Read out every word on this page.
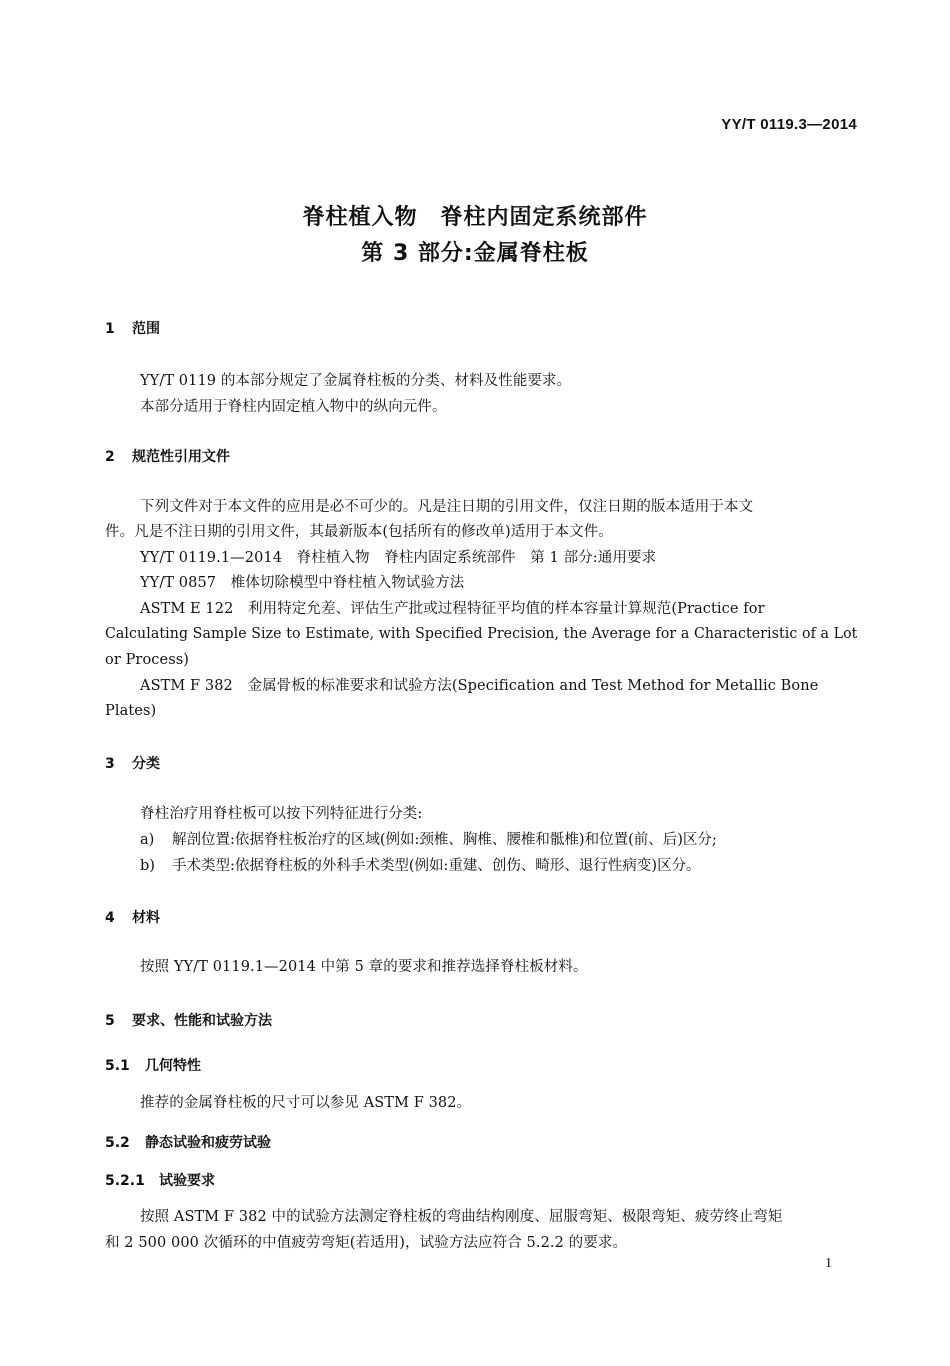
YY/T 0119.3—2014
脊柱植入物　脊柱内固定系统部件
第 3 部分:金属脊柱板
1 范围
YY/T 0119 的本部分规定了金属脊柱板的分类、材料及性能要求。
本部分适用于脊柱内固定植入物中的纵向元件。
2 规范性引用文件
下列文件对于本文件的应用是必不可少的。凡是注日期的引用文件，仅注日期的版本适用于本文
件。凡是不注日期的引用文件，其最新版本(包括所有的修改单)适用于本文件。
YY/T 0119.1—2014　脊柱植入物　脊柱内固定系统部件　第 1 部分:通用要求
YY/T 0857　椎体切除模型中脊柱植入物试验方法
ASTM E 122　利用特定允差、评估生产批或过程特征平均值的样本容量计算规范(Practice for
Calculating Sample Size to Estimate, with Specified Precision, the Average for a Characteristic of a Lot
or Process)
ASTM F 382　金属骨板的标准要求和试验方法(Specification and Test Method for Metallic Bone
Plates)
3 分类
脊柱治疗用脊柱板可以按下列特征进行分类:
a) 解剖位置:依据脊柱板治疗的区域(例如:颈椎、胸椎、腰椎和骶椎)和位置(前、后)区分;
b) 手术类型:依据脊柱板的外科手术类型(例如:重建、创伤、畸形、退行性病变)区分。
4 材料
按照 YY/T 0119.1—2014 中第 5 章的要求和推荐选择脊柱板材料。
5 要求、性能和试验方法
5.1 几何特性
推荐的金属脊柱板的尺寸可以参见 ASTM F 382。
5.2 静态试验和疲劳试验
5.2.1 试验要求
按照 ASTM F 382 中的试验方法测定脊柱板的弯曲结构刚度、屈服弯矩、极限弯矩、疲劳终止弯矩
和 2 500 000 次循环的中值疲劳弯矩(若适用)，试验方法应符合 5.2.2 的要求。
1
